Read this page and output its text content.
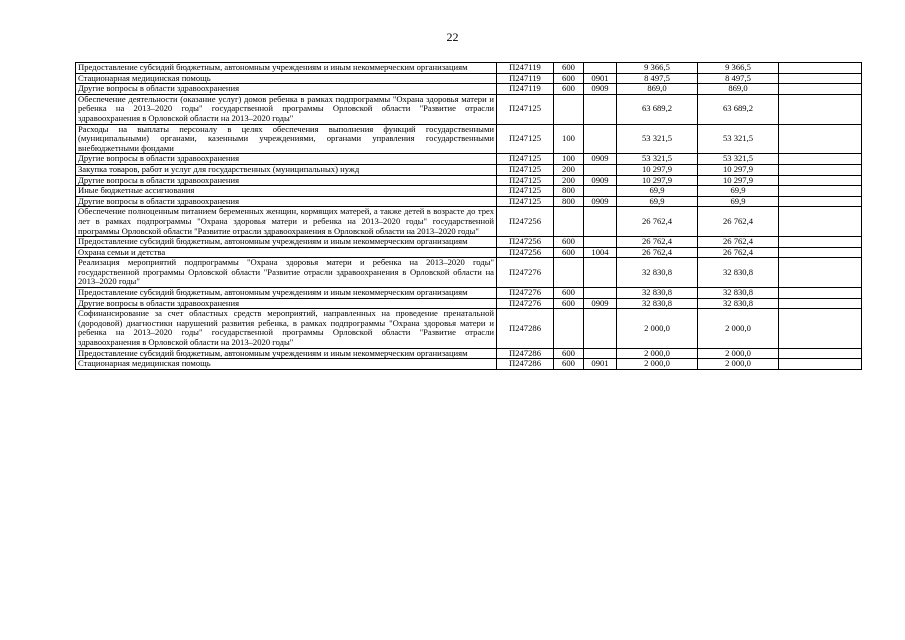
22
Предоставление субсидий бюджетным, автономным учреждениям и иным некоммерческим организациям	П247119	600		9 366,5	9 366,5	
Стационарная медицинская помощь	П247119	600	0901	8 497,5	8 497,5	
Другие вопросы в области здравоохранения	П247119	600	0909	869,0	869,0	
Обеспечение деятельности (оказание услуг) домов ребенка в рамках подпрограммы "Охрана здоровья матери и ребенка на 2013–2020 годы" государственной программы Орловской области "Развитие отрасли здравоохранения в Орловской области на 2013–2020 годы"	П247125			63 689,2	63 689,2	
Расходы на выплаты персоналу в целях обеспечения выполнения функций государственными (муниципальными) органами, казенными учреждениями, органами управления государственными внебюджетными фондами	П247125	100		53 321,5	53 321,5	
Другие вопросы в области здравоохранения	П247125	100	0909	53 321,5	53 321,5	
Закупка товаров, работ и услуг для государственных (муниципальных) нужд	П247125	200		10 297,9	10 297,9	
Другие вопросы в области здравоохранения	П247125	200	0909	10 297,9	10 297,9	
Иные бюджетные ассигнования	П247125	800		69,9	69,9	
Другие вопросы в области здравоохранения	П247125	800	0909	69,9	69,9	
Обеспечение полноценным питанием беременных женщин, кормящих матерей, а также детей в возрасте до трех лет в рамках подпрограммы "Охрана здоровья матери и ребенка на 2013–2020 годы" государственной программы Орловской области "Развитие отрасли здравоохранения в Орловской области на 2013–2020 годы"	П247256			26 762,4	26 762,4	
Предоставление субсидий бюджетным, автономным учреждениям и иным некоммерческим организациям	П247256	600		26 762,4	26 762,4	
Охрана семьи и детства	П247256	600	1004	26 762,4	26 762,4	
Реализация мероприятий подпрограммы "Охрана здоровья матери и ребенка на 2013–2020 годы" государственной программы Орловской области "Развитие отрасли здравоохранения в Орловской области на 2013–2020 годы"	П247276			32 830,8	32 830,8	
Предоставление субсидий бюджетным, автономным учреждениям и иным некоммерческим организациям	П247276	600		32 830,8	32 830,8	
Другие вопросы в области здравоохранения	П247276	600	0909	32 830,8	32 830,8	
Софинансирование за счет областных средств мероприятий, направленных на проведение пренатальной (дородовой) диагностики нарушений развития ребенка, в рамках подпрограммы "Охрана здоровья матери и ребенка на 2013–2020 годы" государственной программы Орловской области "Развитие отрасли здравоохранения в Орловской области на 2013–2020 годы"	П247286			2 000,0	2 000,0	
Предоставление субсидий бюджетным, автономным учреждениям и иным некоммерческим организациям	П247286	600		2 000,0	2 000,0	
Стационарная медицинская помощь	П247286	600	0901	2 000,0	2 000,0	
